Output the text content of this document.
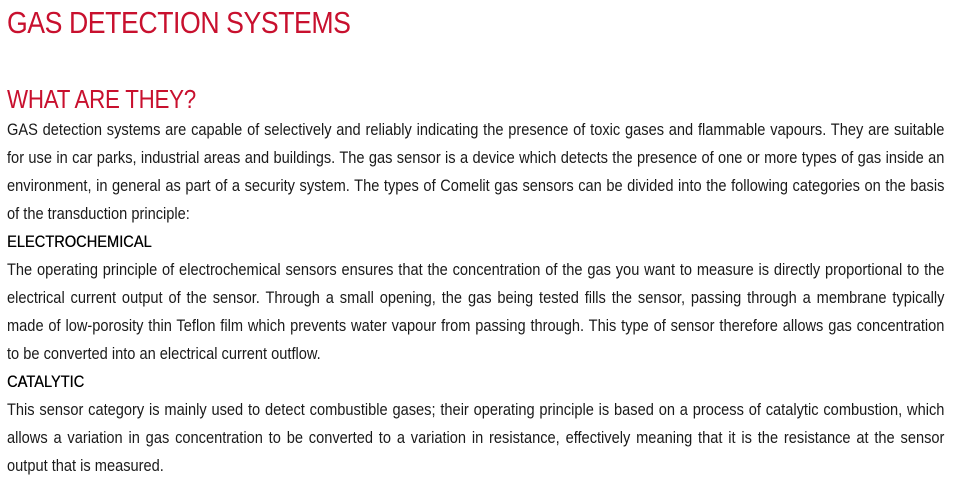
GAS DETECTION SYSTEMS
WHAT ARE THEY?

GAS detection systems are capable of selectively and reliably indicating the presence of toxic gases and flammable vapours. They are suitable for use in car parks, industrial areas and buildings. The gas sensor is a device which detects the presence of one or more types of gas inside an environment, in general as part of a security system. The types of Comelit gas sensors can be divided into the following categories on the basis of the transduction principle:

ELECTROCHEMICAL

The operating principle of electrochemical sensors ensures that the concentration of the gas you want to measure is directly proportional to the electrical current output of the sensor. Through a small opening, the gas being tested fills the sensor, passing through a membrane typically made of low-porosity thin Teflon film which prevents water vapour from passing through. This type of sensor therefore allows gas concentration to be converted into an electrical current outflow.

CATALYTIC

This sensor category is mainly used to detect combustible gases; their operating principle is based on a process of catalytic combustion, which allows a variation in gas concentration to be converted to a variation in resistance, effectively meaning that it is the resistance at the sensor output that is measured.
